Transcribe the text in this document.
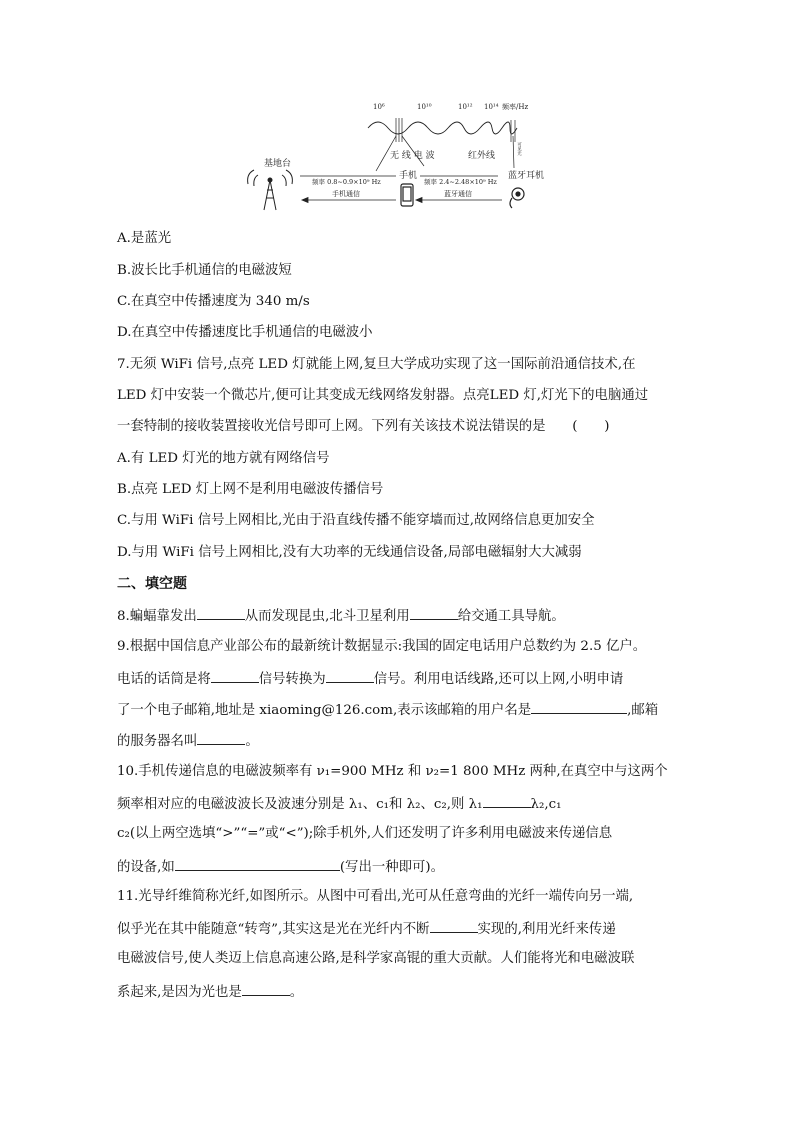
10⁶	10¹⁰	10¹² 10¹⁴ 频率/Hz
无 线 电 波	红外线
可见光
基地台
手机	蓝牙耳机
频率 0.8~0.9×10⁹ Hz	频率 2.4~2.48×10⁹ Hz
手机通信	蓝牙通信
A.是蓝光
B.波长比手机通信的电磁波短
C.在真空中传播速度为 340 m/s
D.在真空中传播速度比手机通信的电磁波小
7.无须 WiFi 信号,点亮 LED 灯就能上网,复旦大学成功实现了这一国际前沿通信技术,在
LED 灯中安装一个微芯片,便可让其变成无线网络发射器。点亮LED 灯,灯光下的电脑通过
一套特制的接收装置接收光信号即可上网。下列有关该技术说法错误的是　　(　　)
A.有 LED 灯光的地方就有网络信号
B.点亮 LED 灯上网不是利用电磁波传播信号
C.与用 WiFi 信号上网相比,光由于沿直线传播不能穿墙而过,故网络信息更加安全
D.与用 WiFi 信号上网相比,没有大功率的无线通信设备,局部电磁辐射大大减弱
二、填空题
8.蝙蝠靠发出	从而发现昆虫,北斗卫星利用	给交通工具导航。
9.根据中国信息产业部公布的最新统计数据显示:我国的固定电话用户总数约为 2.5 亿户。
电话的话筒是将	信号转换为	信号。利用电话线路,还可以上网,小明申请
了一个电子邮箱,地址是 xiaoming@126.com,表示该邮箱的用户名是	,邮箱
的服务器名叫	。
10.手机传递信息的电磁波频率有 ν₁=900 MHz 和 ν₂=1 800 MHz 两种,在真空中与这两个
频率相对应的电磁波波长及波速分别是 λ₁、c₁和 λ₂、c₂,则 λ₁	λ₂,c₁
c₂(以上两空选填“>”“=”或“<”);除手机外,人们还发明了许多利用电磁波来传递信息
的设备,如	(写出一种即可)。
11.光导纤维简称光纤,如图所示。从图中可看出,光可从任意弯曲的光纤一端传向另一端,
似乎光在其中能随意“转弯”,其实这是光在光纤内不断	实现的,利用光纤来传递
电磁波信号,使人类迈上信息高速公路,是科学家高锟的重大贡献。人们能将光和电磁波联
系起来,是因为光也是	。
